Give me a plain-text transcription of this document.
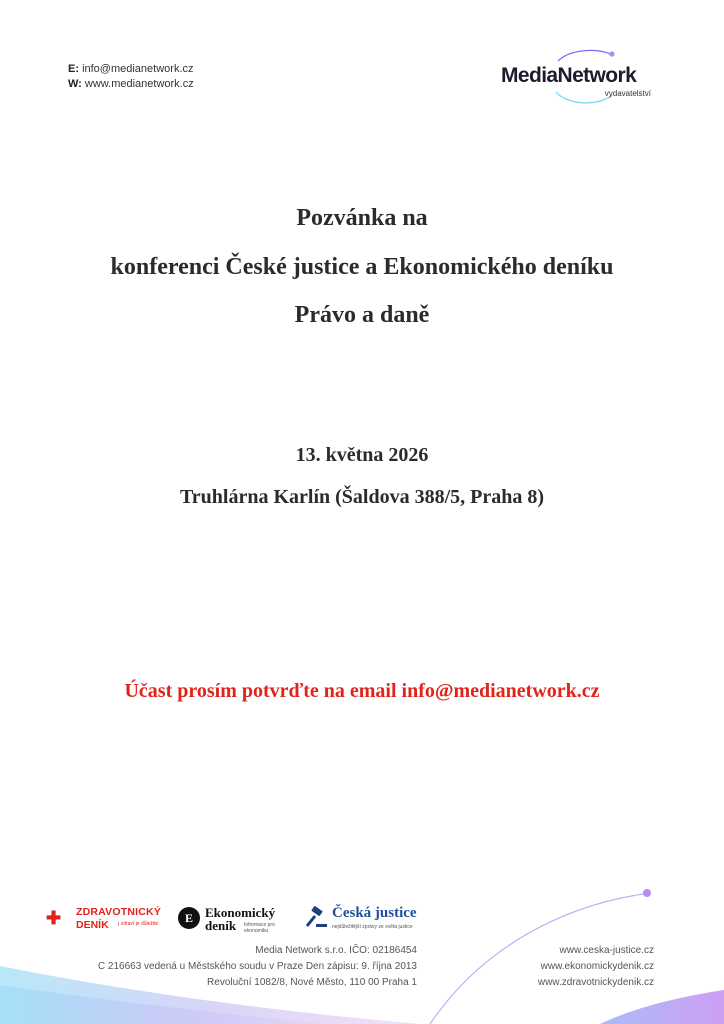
E: info@medianetwork.cz
W: www.medianetwork.cz	MediaNetwork
vydavatelství
Pozvánka na
konferenci České justice a Ekonomického deníku
Právo a daně
13. května 2026
Truhlárna Karlín (Šaldova 388/5, Praha 8)
Účast prosím potvrďte na email info@medianetwork.cz
✚ ZDRAVOTNICKÝ
DENÍK | zdraví je důležité	E Ekonomický
deník Informace pro ekonomiku
Česká justice
nejdůležitější zprávy ze světa justice
Media Network s.r.o. IČO: 02186454
C 216663 vedená u Městského soudu v Praze Den zápisu: 9. října 2013
Revoluční 1082/8, Nové Město, 110 00 Praha 1
www.ceska-justice.cz
www.ekonomickydenik.cz
www.zdravotnickydenik.cz
